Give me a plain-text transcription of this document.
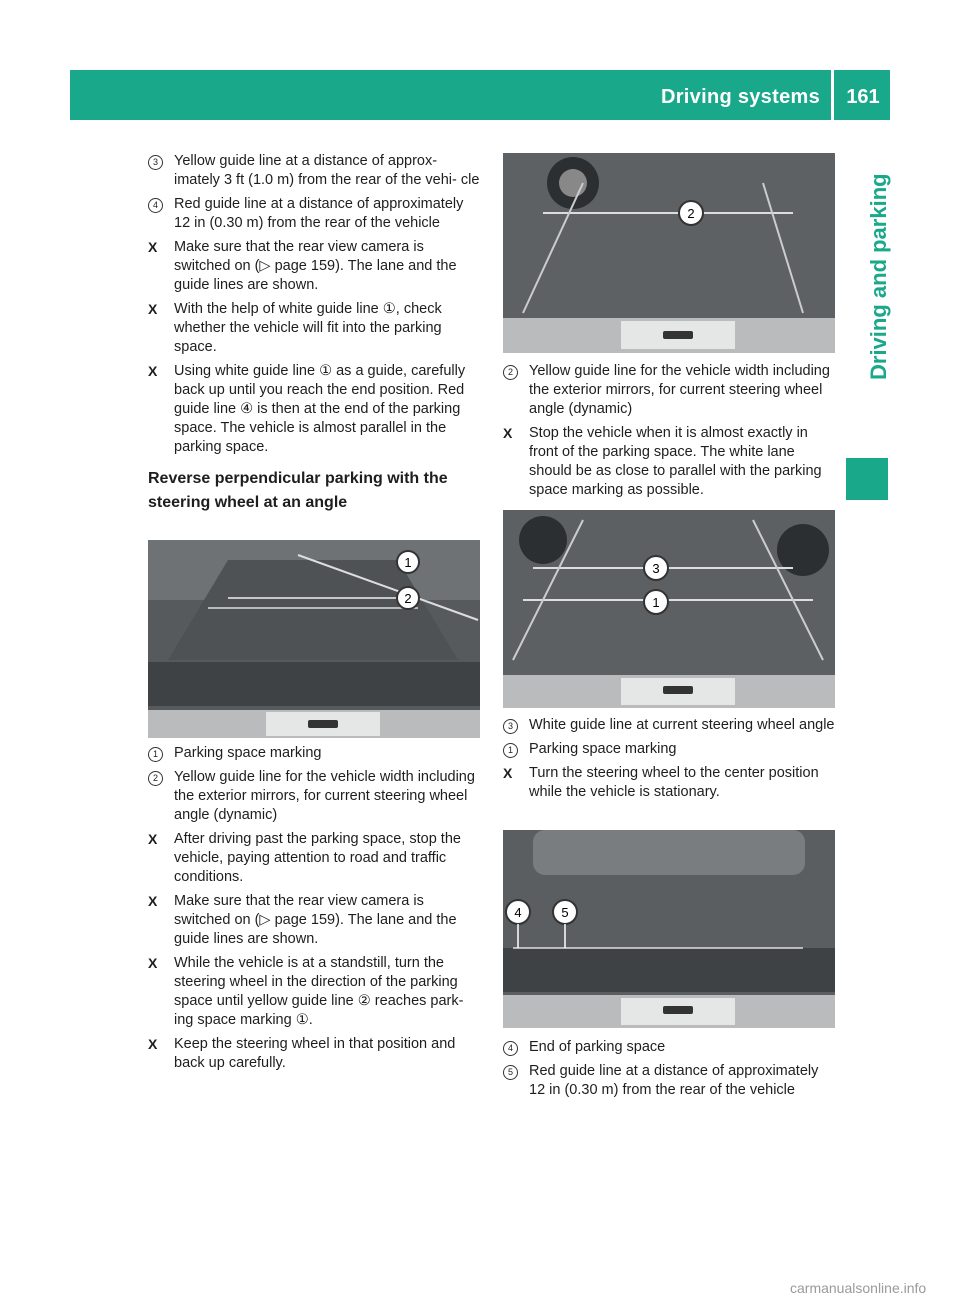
Driving systems	161
Driving and parking
3	Yellow guide line at a distance of approx- imately 3 ft (1.0 m) from the rear of the vehi- cle
4	Red guide line at a distance of approximately 12 in (0.30 m) from the rear of the vehicle
X	Make sure that the rear view camera is switched on (▷ page 159). The lane and the guide lines are shown.
X	With the help of white guide line ①, check whether the vehicle will fit into the parking space.
X	Using white guide line ① as a guide, carefully back up until you reach the end position. Red guide line ④ is then at the end of the parking space. The vehicle is almost parallel in the parking space.
Reverse perpendicular parking with the steering wheel at an angle
1	Parking space marking
2	Yellow guide line for the vehicle width including the exterior mirrors, for current steering wheel angle (dynamic)
X	After driving past the parking space, stop the vehicle, paying attention to road and traffic conditions.
X	Make sure that the rear view camera is switched on (▷ page 159). The lane and the guide lines are shown.
X	While the vehicle is at a standstill, turn the steering wheel in the direction of the parking space until yellow guide line ② reaches park- ing space marking ①.
X	Keep the steering wheel in that position and back up carefully.
2	Yellow guide line for the vehicle width including the exterior mirrors, for current steering wheel angle (dynamic)
X	Stop the vehicle when it is almost exactly in front of the parking space. The white lane should be as close to parallel with the parking space marking as possible.
3	White guide line at current steering wheel angle
1	Parking space marking
X	Turn the steering wheel to the center position while the vehicle is stationary.
4	End of parking space
5	Red guide line at a distance of approximately 12 in (0.30 m) from the rear of the vehicle
1
2
2
3
1
4	5
carmanualsonline.info
